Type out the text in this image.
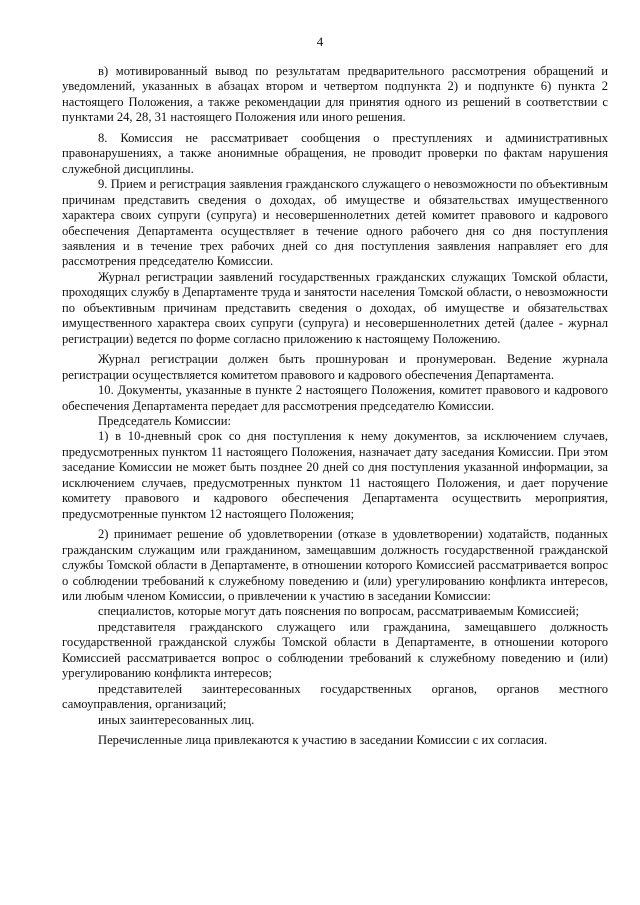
4

в) мотивированный вывод по результатам предварительного рассмотрения обращений и уведомлений, указанных в абзацах втором и четвертом подпункта 2) и подпункте 6) пункта 2 настоящего Положения, а также рекомендации для принятия одного из решений в соответствии с пунктами 24, 28, 31 настоящего Положения или иного решения.

8. Комиссия не рассматривает сообщения о преступлениях и административных правонарушениях, а также анонимные обращения, не проводит проверки по фактам нарушения служебной дисциплины.

9. Прием и регистрация заявления гражданского служащего о невозможности по объективным причинам представить сведения о доходах, об имуществе и обязательствах имущественного характера своих супруги (супруга) и несовершеннолетних детей комитет правового и кадрового обеспечения Департамента осуществляет в течение одного рабочего дня со дня поступления заявления и в течение трех рабочих дней со дня поступления заявления направляет его для рассмотрения председателю Комиссии.

Журнал регистрации заявлений государственных гражданских служащих Томской области, проходящих службу в Департаменте труда и занятости населения Томской области, о невозможности по объективным причинам представить сведения о доходах, об имуществе и обязательствах имущественного характера своих супруги (супруга) и несовершеннолетних детей (далее - журнал регистрации) ведется по форме согласно приложению к настоящему Положению.

Журнал регистрации должен быть прошнурован и пронумерован. Ведение журнала регистрации осуществляется комитетом правового и кадрового обеспечения Департамента.

10. Документы, указанные в пункте 2 настоящего Положения, комитет правового и кадрового обеспечения Департамента передает для рассмотрения председателю Комиссии.

Председатель Комиссии:

1) в 10-дневный срок со дня поступления к нему документов, за исключением случаев, предусмотренных пунктом 11 настоящего Положения, назначает дату заседания Комиссии. При этом заседание Комиссии не может быть позднее 20 дней со дня поступления указанной информации, за исключением случаев, предусмотренных пунктом 11 настоящего Положения, и дает поручение комитету правового и кадрового обеспечения Департамента осуществить мероприятия, предусмотренные пунктом 12 настоящего Положения;

2) принимает решение об удовлетворении (отказе в удовлетворении) ходатайств, поданных гражданским служащим или гражданином, замещавшим должность государственной гражданской службы Томской области в Департаменте, в отношении которого Комиссией рассматривается вопрос о соблюдении требований к служебному поведению и (или) урегулированию конфликта интересов, или любым членом Комиссии, о привлечении к участию в заседании Комиссии:

специалистов, которые могут дать пояснения по вопросам, рассматриваемым Комиссией;

представителя гражданского служащего или гражданина, замещавшего должность государственной гражданской службы Томской области в Департаменте, в отношении которого Комиссией рассматривается вопрос о соблюдении требований к служебному поведению и (или) урегулированию конфликта интересов;

представителей заинтересованных государственных органов, органов местного самоуправления, организаций;

иных заинтересованных лиц.

Перечисленные лица привлекаются к участию в заседании Комиссии с их согласия.
